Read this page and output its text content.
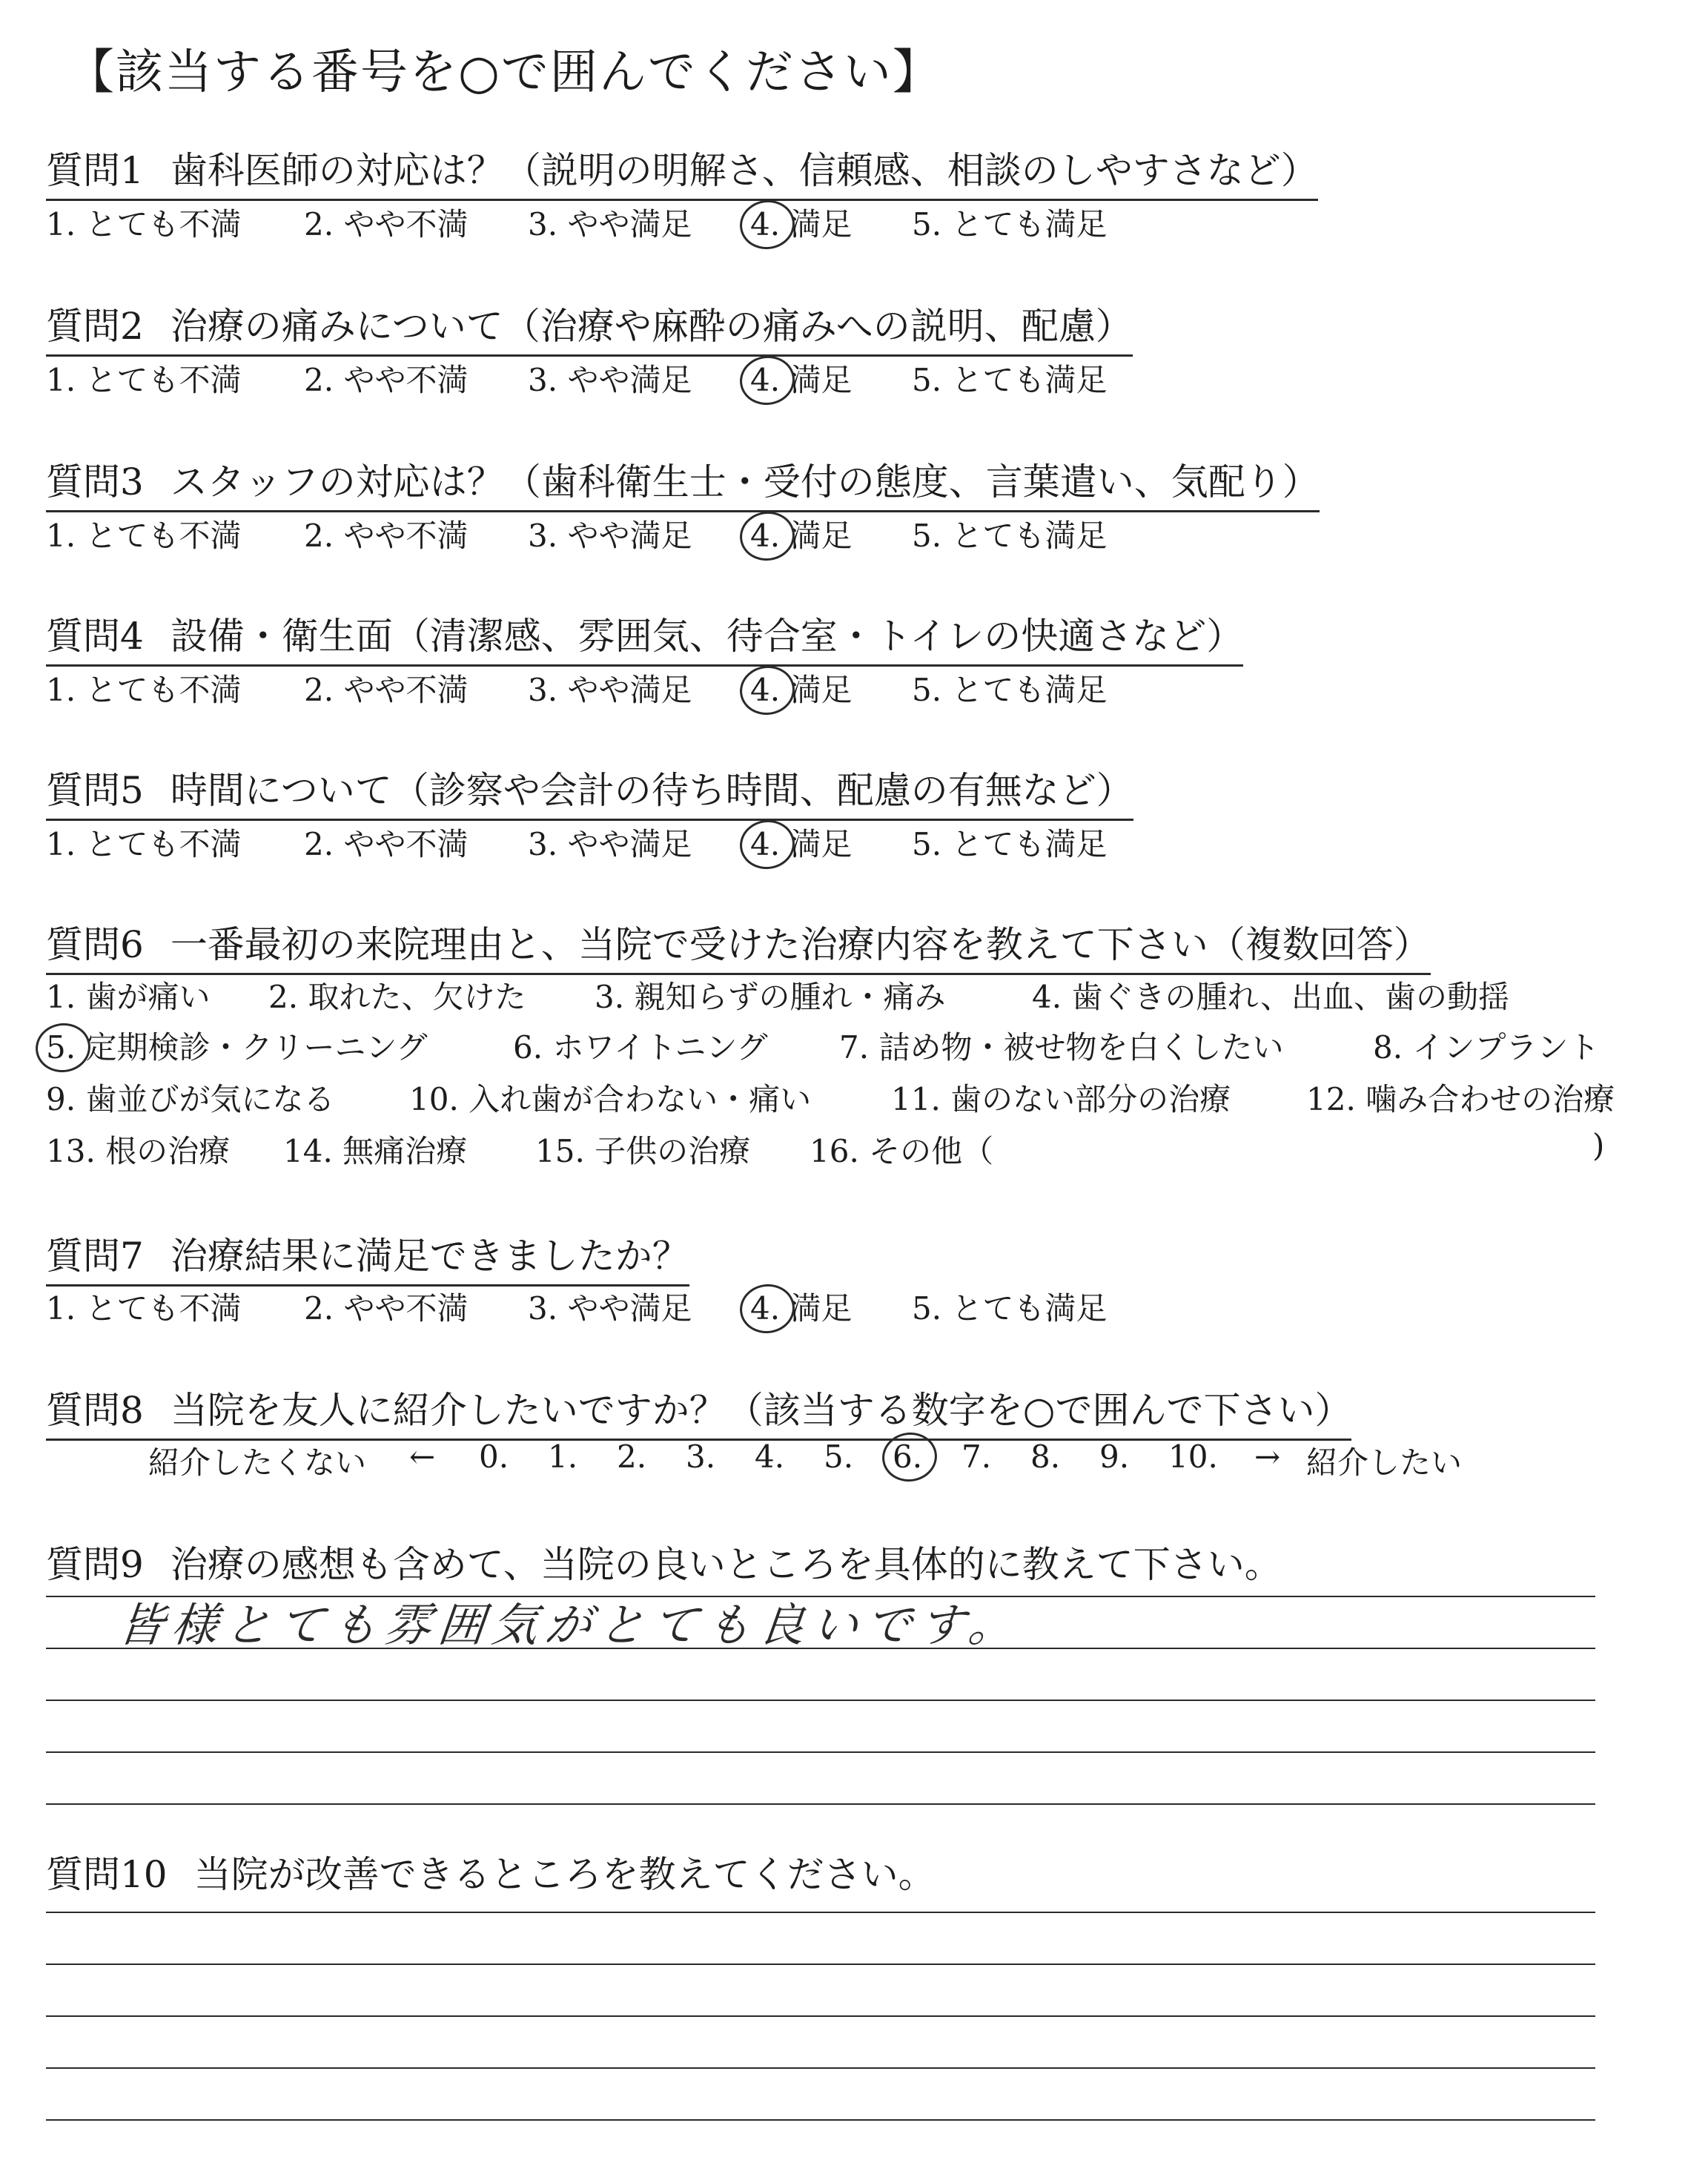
【該当する番号を○で囲んでください】
質問1 歯科医師の対応は？（説明の明解さ、信頼感、相談のしやすさなど）
1. とても不満 2. やや不満 3. やや満足 4. 満足 5. とても満足
質問2 治療の痛みについて（治療や麻酔の痛みへの説明、配慮）
1. とても不満 2. やや不満 3. やや満足 4. 満足 5. とても満足
質問3 スタッフの対応は？（歯科衛生士・受付の態度、言葉遣い、気配り）
1. とても不満 2. やや不満 3. やや満足 4. 満足 5. とても満足
質問4 設備・衛生面（清潔感、雰囲気、待合室・トイレの快適さなど）
1. とても不満 2. やや不満 3. やや満足 4. 満足 5. とても満足
質問5 時間について（診察や会計の待ち時間、配慮の有無など）
1. とても不満 2. やや不満 3. やや満足 4. 満足 5. とても満足
質問6 一番最初の来院理由と、当院で受けた治療内容を教えて下さい（複数回答）
1. 歯が痛い 2. 取れた、欠けた 3. 親知らずの腫れ・痛み	4. 歯ぐきの腫れ、出血、歯の動揺
5. 定期検診・クリーニング	6. ホワイトニング 7. 詰め物・被せ物を白くしたい	8. インプラント
9. 歯並びが気になる 10. 入れ歯が合わない・痛い	11. 歯のない部分の治療 12. 噛み合わせの治療
13. 根の治療 14. 無痛治療 15. 子供の治療 16. その他（	)
質問7 治療結果に満足できましたか？
1. とても不満 2. やや不満 3. やや満足 4. 満足 5. とても満足
質問8 当院を友人に紹介したいですか？（該当する数字を○で囲んで下さい）
紹介したくない ← 0. 1. 2. 3. 4. 5. 6. 7. 8. 9. 10. → 紹介したい
質問9 治療の感想も含めて、当院の良いところを具体的に教えて下さい。
皆様とても雰囲気がとても良いです。
質問10 当院が改善できるところを教えてください。
